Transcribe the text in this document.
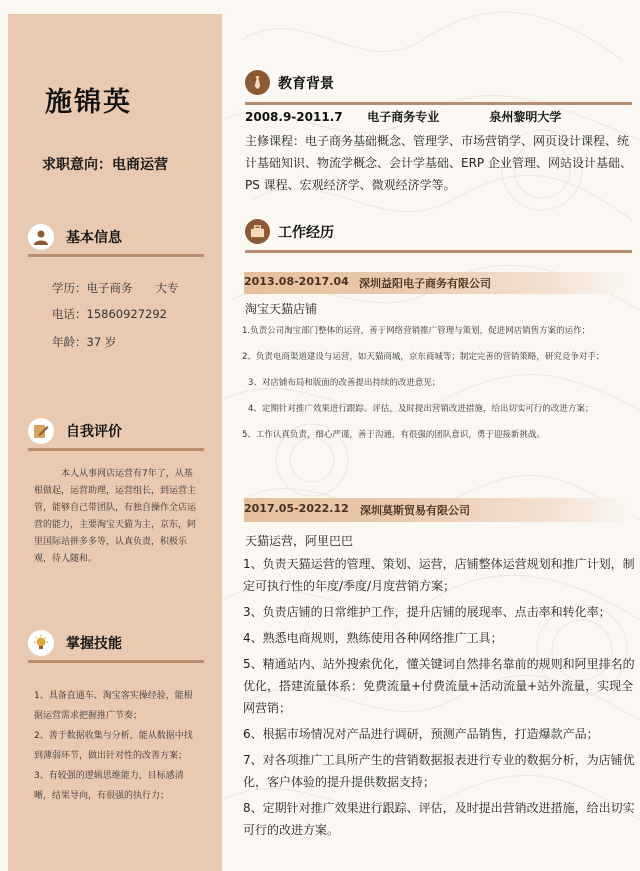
施锦英
求职意向：电商运营
基本信息
学历：电子商务　　大专
电话：15860927292
年龄：37 岁
自我评价
　　　本人从事网店运营有7年了，从基根做起，运营助理，运营组长，到运营主管，能够自己带团队，有独自操作全店运营的能力，主要淘宝天猫为主，京东，阿里国际站拼多多等，认真负责，积极乐观，待人随和。
掌握技能

1、具备直通车、淘宝客实操经验，能根据运营需求把握推广节奏；

2、善于数据收集与分析，能从数据中找到薄弱环节，做出针对性的改善方案；

3、有较强的逻辑思维能力，目标感清晰，结果导向，有很强的执行力；

教育背景
2008.9-2011.7 电子商务专业	泉州黎明大学
主修课程：电子商务基础概念、管理学、市场营销学、网页设计课程、统计基础知识、物流学概念、会计学基础、ERP 企业管理、网站设计基础、PS 课程、宏观经济学、微观经济学等。
工作经历
2013.08-2017.04 深圳益阳电子商务有限公司
淘宝天猫店铺

1.负责公司淘宝部门整体的运营，善于网络营销推广管理与策划，促进网店销售方案的运作；

2、负责电商渠道建设与运营，如天猫商城，京东商城等；制定完善的营销策略，研究竞争对手；

3、对店铺布局和版面的改善提出持续的改进意见；

4、定期针对推广效果进行跟踪、评估，及时提出营销改进措施，给出切实可行的改进方案；

5、工作认真负责，细心严谨，善于沟通，有很强的团队意识，勇于迎接新挑战。

2017.05-2022.12 深圳莫斯贸易有限公司
天猫运营，阿里巴巴

1、负责天猫运营的管理、策划、运营，店铺整体运营规划和推广计划，制定可执行性的年度/季度/月度营销方案；

3、负责店铺的日常维护工作，提升店铺的展现率、点击率和转化率；

4、熟悉电商规则，熟练使用各种网络推广工具；

5、精通站内、站外搜索优化，懂关键词自然排名靠前的规则和阿里排名的优化，搭建流量体系：免费流量+付费流量+活动流量+站外流量，实现全网营销；

6、根据市场情况对产品进行调研，预测产品销售，打造爆款产品；

7、对各项推广工具所产生的营销数据报表进行专业的数据分析，为店铺优化，客户体验的提升提供数据支持；

8、定期针对推广效果进行跟踪、评估，及时提出营销改进措施，给出切实可行的改进方案。
